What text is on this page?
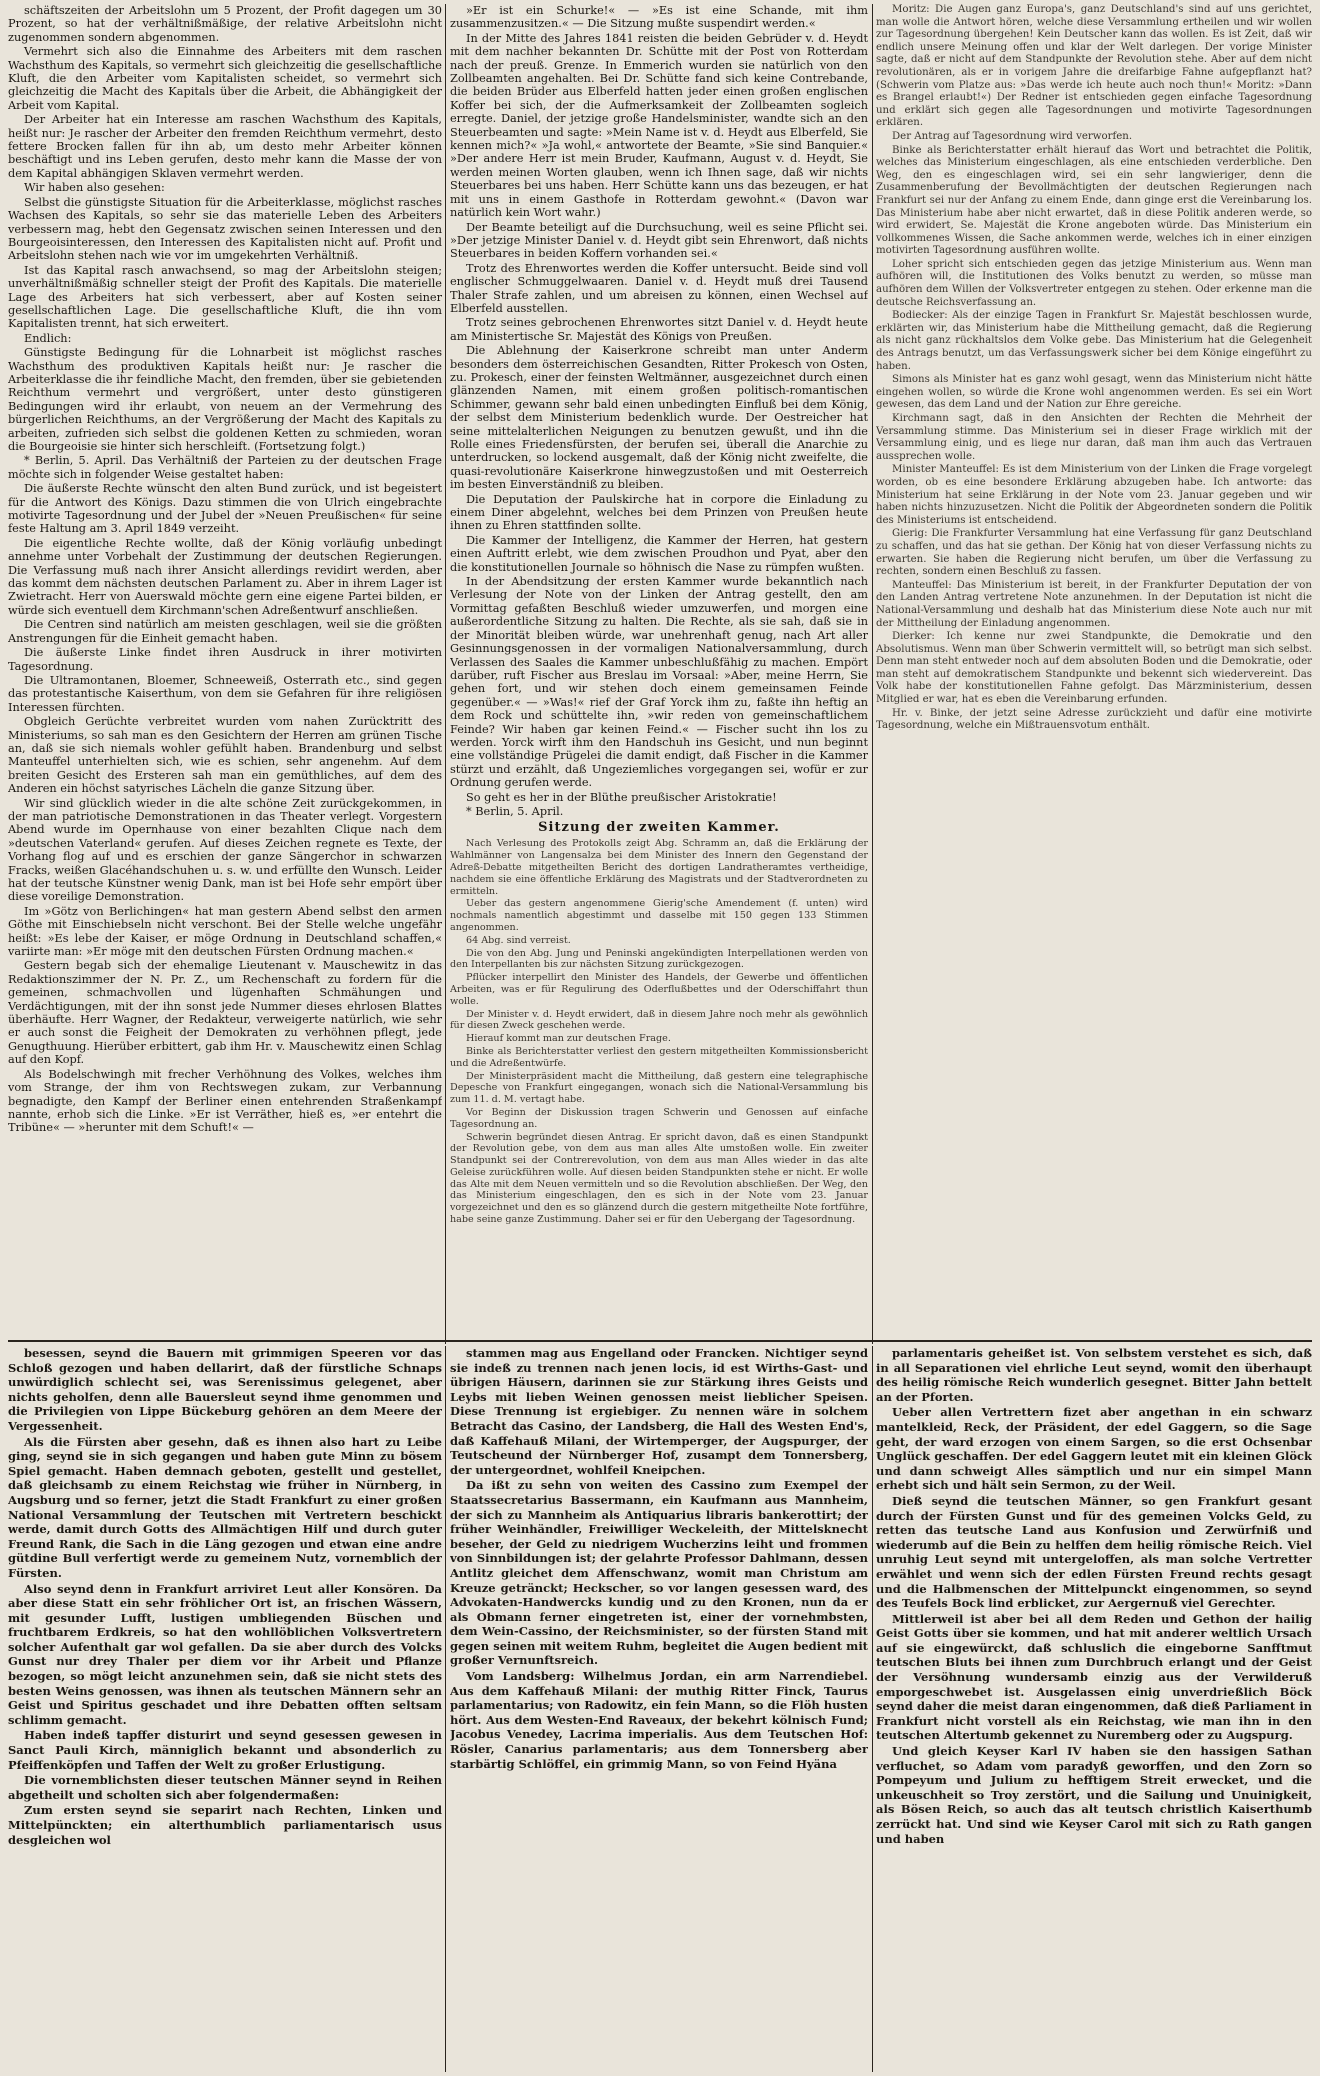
schäftszeiten der Arbeitslohn um 5 Prozent, der Profit dagegen um 30 Prozent, so hat der verhältnißmäßige, der relative Arbeitslohn nicht zugenommen sondern abgenommen.

Vermehrt sich also die Einnahme des Arbeiters mit dem raschen Wachsthum des Kapitals, so vermehrt sich gleichzeitig die gesellschaftliche Kluft, die den Arbeiter vom Kapitalisten scheidet, so vermehrt sich gleichzeitig die Macht des Kapitals über die Arbeit, die Abhängigkeit der Arbeit vom Kapital.

Der Arbeiter hat ein Interesse am raschen Wachsthum des Kapitals, heißt nur: Je rascher der Arbeiter den fremden Reichthum vermehrt, desto fettere Brocken fallen für ihn ab, um desto mehr Arbeiter können beschäftigt und ins Leben gerufen, desto mehr kann die Masse der von dem Kapital abhängigen Sklaven vermehrt werden.

Wir haben also gesehen:

Selbst die günstigste Situation für die Arbeiterklasse, möglichst rasches Wachsen des Kapitals, so sehr sie das materielle Leben des Arbeiters verbessern mag, hebt den Gegensatz zwischen seinen Interessen und den Bourgeoisinteressen, den Interessen des Kapitalisten nicht auf. Profit und Arbeitslohn stehen nach wie vor im umgekehrten Verhältniß.

Ist das Kapital rasch anwachsend, so mag der Arbeitslohn steigen; unverhältnißmäßig schneller steigt der Profit des Kapitals. Die materielle Lage des Arbeiters hat sich verbessert, aber auf Kosten seiner gesellschaftlichen Lage. Die gesellschaftliche Kluft, die ihn vom Kapitalisten trennt, hat sich erweitert.

Endlich:

Günstigste Bedingung für die Lohnarbeit ist möglichst rasches Wachsthum des produktiven Kapitals heißt nur: Je rascher die Arbeiterklasse die ihr feindliche Macht, den fremden, über sie gebietenden Reichthum vermehrt und vergrößert, unter desto günstigeren Bedingungen wird ihr erlaubt, von neuem an der Vermehrung des bürgerlichen Reichthums, an der Vergrößerung der Macht des Kapitals zu arbeiten, zufrieden sich selbst die goldenen Ketten zu schmieden, woran die Bourgeoisie sie hinter sich herschleift. (Fortsetzung folgt.)

* Berlin, 5. April. Das Verhältniß der Parteien zu der deutschen Frage möchte sich in folgender Weise gestaltet haben:

Die äußerste Rechte wünscht den alten Bund zurück, und ist begeistert für die Antwort des Königs. Dazu stimmen die von Ulrich eingebrachte motivirte Tagesordnung und der Jubel der »Neuen Preußischen« für seine feste Haltung am 3. April 1849 verzeiht.

Die eigentliche Rechte wollte, daß der König vorläufig unbedingt annehme unter Vorbehalt der Zustimmung der deutschen Regierungen. Die Verfassung muß nach ihrer Ansicht allerdings revidirt werden, aber das kommt dem nächsten deutschen Parlament zu. Aber in ihrem Lager ist Zwietracht. Herr von Auerswald möchte gern eine eigene Partei bilden, er würde sich eventuell dem Kirchmann'schen Adreßentwurf anschließen.

Die Centren sind natürlich am meisten geschlagen, weil sie die größten Anstrengungen für die Einheit gemacht haben.

Die äußerste Linke findet ihren Ausdruck in ihrer motivirten Tagesordnung.

Die Ultramontanen, Bloemer, Schneeweiß, Osterrath etc., sind gegen das protestantische Kaiserthum, von dem sie Gefahren für ihre religiösen Interessen fürchten.

Obgleich Gerüchte verbreitet wurden vom nahen Zurücktritt des Ministeriums, so sah man es den Gesichtern der Herren am grünen Tische an, daß sie sich niemals wohler gefühlt haben. Brandenburg und selbst Manteuffel unterhielten sich, wie es schien, sehr angenehm. Auf dem breiten Gesicht des Ersteren sah man ein gemüthliches, auf dem des Anderen ein höchst satyrisches Lächeln die ganze Sitzung über.

Wir sind glücklich wieder in die alte schöne Zeit zurückgekommen, in der man patriotische Demonstrationen in das Theater verlegt. Vorgestern Abend wurde im Opernhause von einer bezahlten Clique nach dem »deutschen Vaterland« gerufen. Auf dieses Zeichen regnete es Texte, der Vorhang flog auf und es erschien der ganze Sängerchor in schwarzen Fracks, weißen Glacéhandschuhen u. s. w. und erfüllte den Wunsch. Leider hat der teutsche Künstner wenig Dank, man ist bei Hofe sehr empört über diese voreilige Demonstration.

Im »Götz von Berlichingen« hat man gestern Abend selbst den armen Göthe mit Einschiebseln nicht verschont. Bei der Stelle welche ungefähr heißt: »Es lebe der Kaiser, er möge Ordnung in Deutschland schaffen,« variirte man: »Er möge mit den deutschen Fürsten Ordnung machen.«

Gestern begab sich der ehemalige Lieutenant v. Mauschewitz in das Redaktionszimmer der N. Pr. Z., um Rechenschaft zu fordern für die gemeinen, schmachvollen und lügenhaften Schmähungen und Verdächtigungen, mit der ihn sonst jede Nummer dieses ehrlosen Blattes überhäufte. Herr Wagner, der Redakteur, verweigerte natürlich, wie sehr er auch sonst die Feigheit der Demokraten zu verhöhnen pflegt, jede Genugthuung. Hierüber erbittert, gab ihm Hr. v. Mauschewitz einen Schlag auf den Kopf.

Als Bodelschwingh mit frecher Verhöhnung des Volkes, welches ihm vom Strange, der ihm von Rechtswegen zukam, zur Verbannung begnadigte, den Kampf der Berliner einen entehrenden Straßenkampf nannte, erhob sich die Linke. »Er ist Verräther, hieß es, »er entehrt die Tribüne« — »herunter mit dem Schuft!« —

»Er ist ein Schurke!« — »Es ist eine Schande, mit ihm zusammenzusitzen.« — Die Sitzung mußte suspendirt werden.«

In der Mitte des Jahres 1841 reisten die beiden Gebrüder v. d. Heydt mit dem nachher bekannten Dr. Schütte mit der Post von Rotterdam nach der preuß. Grenze. In Emmerich wurden sie natürlich von den Zollbeamten angehalten. Bei Dr. Schütte fand sich keine Contrebande, die beiden Brüder aus Elberfeld hatten jeder einen großen englischen Koffer bei sich, der die Aufmerksamkeit der Zollbeamten sogleich erregte. Daniel, der jetzige große Handelsminister, wandte sich an den Steuerbeamten und sagte: »Mein Name ist v. d. Heydt aus Elberfeld, Sie kennen mich?« »Ja wohl,« antwortete der Beamte, »Sie sind Banquier.« »Der andere Herr ist mein Bruder, Kaufmann, August v. d. Heydt, Sie werden meinen Worten glauben, wenn ich Ihnen sage, daß wir nichts Steuerbares bei uns haben. Herr Schütte kann uns das bezeugen, er hat mit uns in einem Gasthofe in Rotterdam gewohnt.« (Davon war natürlich kein Wort wahr.)

Der Beamte beteiligt auf die Durchsuchung, weil es seine Pflicht sei. »Der jetzige Minister Daniel v. d. Heydt gibt sein Ehrenwort, daß nichts Steuerbares in beiden Koffern vorhanden sei.«

Trotz des Ehrenwortes werden die Koffer untersucht. Beide sind voll englischer Schmuggelwaaren. Daniel v. d. Heydt muß drei Tausend Thaler Strafe zahlen, und um abreisen zu können, einen Wechsel auf Elberfeld ausstellen.

Trotz seines gebrochenen Ehrenwortes sitzt Daniel v. d. Heydt heute am Ministertische Sr. Majestät des Königs von Preußen.

Die Ablehnung der Kaiserkrone schreibt man unter Anderm besonders dem österreichischen Gesandten, Ritter Prokesch von Osten, zu. Prokesch, einer der feinsten Weltmänner, ausgezeichnet durch einen glänzenden Namen, mit einem großen politisch-romantischen Schimmer, gewann sehr bald einen unbedingten Einfluß bei dem König, der selbst dem Ministerium bedenklich wurde. Der Oestreicher hat seine mittelalterlichen Neigungen zu benutzen gewußt, und ihn die Rolle eines Friedensfürsten, der berufen sei, überall die Anarchie zu unterdrucken, so lockend ausgemalt, daß der König nicht zweifelte, die quasi-revolutionäre Kaiserkrone hinwegzustoßen und mit Oesterreich im besten Einverständniß zu bleiben.

Die Deputation der Paulskirche hat in corpore die Einladung zu einem Diner abgelehnt, welches bei dem Prinzen von Preußen heute ihnen zu Ehren stattfinden sollte.

Die Kammer der Intelligenz, die Kammer der Herren, hat gestern einen Auftritt erlebt, wie dem zwischen Proudhon und Pyat, aber den die konstitutionellen Journale so höhnisch die Nase zu rümpfen wußten.

In der Abendsitzung der ersten Kammer wurde bekanntlich nach Verlesung der Note von der Linken der Antrag gestellt, den am Vormittag gefaßten Beschluß wieder umzuwerfen, und morgen eine außerordentliche Sitzung zu halten. Die Rechte, als sie sah, daß sie in der Minorität bleiben würde, war unehrenhaft genug, nach Art aller Gesinnungsgenossen in der vormaligen Nationalversammlung, durch Verlassen des Saales die Kammer unbeschlußfähig zu machen. Empört darüber, ruft Fischer aus Breslau im Vorsaal: »Aber, meine Herrn, Sie gehen fort, und wir stehen doch einem gemeinsamen Feinde gegenüber.« — »Was!« rief der Graf Yorck ihm zu, faßte ihn heftig an dem Rock und schüttelte ihn, »wir reden von gemeinschaftlichem Feinde? Wir haben gar keinen Feind.« — Fischer sucht ihn los zu werden. Yorck wirft ihm den Handschuh ins Gesicht, und nun beginnt eine vollständige Prügelei die damit endigt, daß Fischer in die Kammer stürzt und erzählt, daß Ungeziemliches vorgegangen sei, wofür er zur Ordnung gerufen werde.

So geht es her in der Blüthe preußischer Aristokratie!

* Berlin, 5. April.

Sitzung der zweiten Kammer.

Nach Verlesung des Protokolls zeigt Abg. Schramm an, daß die Erklärung der Wahlmänner von Langensalza bei dem Minister des Innern den Gegenstand der Adreß-Debatte mitgetheilten Bericht des dortigen Landratheramtes vertheidige, nachdem sie eine öffentliche Erklärung des Magistrats und der Stadtverordneten zu ermitteln.

Ueber das gestern angenommene Gierig'sche Amendement (f. unten) wird nochmals namentlich abgestimmt und dasselbe mit 150 gegen 133 Stimmen angenommen.

64 Abg. sind verreist.

Die von den Abg. Jung und Peninski angekündigten Interpellationen werden von den Interpellanten bis zur nächsten Sitzung zurückgezogen.

Pflücker interpellirt den Minister des Handels, der Gewerbe und öffentlichen Arbeiten, was er für Regulirung des Oderflußbettes und der Oderschiffahrt thun wolle.

Der Minister v. d. Heydt erwidert, daß in diesem Jahre noch mehr als gewöhnlich für diesen Zweck geschehen werde.

Hierauf kommt man zur deutschen Frage.

Binke als Berichterstatter verliest den gestern mitgetheilten Kommissionsbericht und die Adreßentwürfe.

Der Ministerpräsident macht die Mittheilung, daß gestern eine telegraphische Depesche von Frankfurt eingegangen, wonach sich die National-Versammlung bis zum 11. d. M. vertagt habe.

Vor Beginn der Diskussion tragen Schwerin und Genossen auf einfache Tagesordnung an.

Schwerin begründet diesen Antrag. Er spricht davon, daß es einen Standpunkt der Revolution gebe, von dem aus man alles Alte umstoßen wolle. Ein zweiter Standpunkt sei der Contrerevolution, von dem aus man Alles wieder in das alte Geleise zurückführen wolle. Auf diesen beiden Standpunkten stehe er nicht. Er wolle das Alte mit dem Neuen vermitteln und so die Revolution abschließen. Der Weg, den das Ministerium eingeschlagen, den es sich in der Note vom 23. Januar vorgezeichnet und den es so glänzend durch die gestern mitgetheilte Note fortführe, habe seine ganze Zustimmung. Daher sei er für den Uebergang der Tagesordnung.

Moritz: Die Augen ganz Europa's, ganz Deutschland's sind auf uns gerichtet, man wolle die Antwort hören, welche diese Versammlung ertheilen und wir wollen zur Tagesordnung übergehen! Kein Deutscher kann das wollen. Es ist Zeit, daß wir endlich unsere Meinung offen und klar der Welt darlegen. Der vorige Minister sagte, daß er nicht auf dem Standpunkte der Revolution stehe. Aber auf dem nicht revolutionären, als er in vorigem Jahre die dreifarbige Fahne aufgepflanzt hat? (Schwerin vom Platze aus: »Das werde ich heute auch noch thun!« Moritz: »Dann es Brangel erlaubt!«) Der Redner ist entschieden gegen einfache Tagesordnung und erklärt sich gegen alle Tagesordnungen und motivirte Tagesordnungen erklären.

Der Antrag auf Tagesordnung wird verworfen.

Binke als Berichterstatter erhält hierauf das Wort und betrachtet die Politik, welches das Ministerium eingeschlagen, als eine entschieden verderbliche. Den Weg, den es eingeschlagen wird, sei ein sehr langwieriger, denn die Zusammenberufung der Bevollmächtigten der deutschen Regierungen nach Frankfurt sei nur der Anfang zu einem Ende, dann ginge erst die Vereinbarung los. Das Ministerium habe aber nicht erwartet, daß in diese Politik anderen werde, so wird erwidert, Se. Majestät die Krone angeboten würde. Das Ministerium ein vollkommenes Wissen, die Sache ankommen werde, welches ich in einer einzigen motivirten Tagesordnung ausführen wollte.

Loher spricht sich entschieden gegen das jetzige Ministerium aus. Wenn man aufhören will, die Institutionen des Volks benutzt zu werden, so müsse man aufhören dem Willen der Volksvertreter entgegen zu stehen. Oder erkenne man die deutsche Reichsverfassung an.

Bodiecker: Als der einzige Tagen in Frankfurt Sr. Majestät beschlossen wurde, erklärten wir, das Ministerium habe die Mittheilung gemacht, daß die Regierung als nicht ganz rückhaltslos dem Volke gebe. Das Ministerium hat die Gelegenheit des Antrags benutzt, um das Verfassungswerk sicher bei dem Könige eingeführt zu haben.

Simons als Minister hat es ganz wohl gesagt, wenn das Ministerium nicht hätte eingehen wollen, so würde die Krone wohl angenommen werden. Es sei ein Wort gewesen, das dem Land und der Nation zur Ehre gereiche.

Kirchmann sagt, daß in den Ansichten der Rechten die Mehrheit der Versammlung stimme. Das Ministerium sei in dieser Frage wirklich mit der Versammlung einig, und es liege nur daran, daß man ihm auch das Vertrauen aussprechen wolle.

Minister Manteuffel: Es ist dem Ministerium von der Linken die Frage vorgelegt worden, ob es eine besondere Erklärung abzugeben habe. Ich antworte: das Ministerium hat seine Erklärung in der Note vom 23. Januar gegeben und wir haben nichts hinzuzusetzen. Nicht die Politik der Abgeordneten sondern die Politik des Ministeriums ist entscheidend.

Gierig: Die Frankfurter Versammlung hat eine Verfassung für ganz Deutschland zu schaffen, und das hat sie gethan. Der König hat von dieser Verfassung nichts zu erwarten. Sie haben die Regierung nicht berufen, um über die Verfassung zu rechten, sondern einen Beschluß zu fassen.

Manteuffel: Das Ministerium ist bereit, in der Frankfurter Deputation der von den Landen Antrag vertretene Note anzunehmen. In der Deputation ist nicht die National-Versammlung und deshalb hat das Ministerium diese Note auch nur mit der Mittheilung der Einladung angenommen.

Dierker: Ich kenne nur zwei Standpunkte, die Demokratie und den Absolutismus. Wenn man über Schwerin vermittelt will, so betrügt man sich selbst. Denn man steht entweder noch auf dem absoluten Boden und die Demokratie, oder man steht auf demokratischem Standpunkte und bekennt sich wiedervereint. Das Volk habe der konstitutionellen Fahne gefolgt. Das Märzministerium, dessen Mitglied er war, hat es eben die Vereinbarung erfunden.

Hr. v. Binke, der jetzt seine Adresse zurückzieht und dafür eine motivirte Tagesordnung, welche ein Mißtrauensvotum enthält.

besessen, seynd die Bauern mit grimmigen Speeren vor das Schloß gezogen und haben dellarirt, daß der fürstliche Schnaps unwürdiglich schlecht sei, was Serenissimus gelegenet, aber nichts geholfen, denn alle Bauersleut seynd ihme genommen und die Privilegien von Lippe Bückeburg gehören an dem Meere der Vergessenheit.

Als die Fürsten aber gesehn, daß es ihnen also hart zu Leibe ging, seynd sie in sich gegangen und haben gute Minn zu bösem Spiel gemacht. Haben demnach geboten, gestellt und gestellet, daß gleichsamb zu einem Reichstag wie früher in Nürnberg, in Augsburg und so ferner, jetzt die Stadt Frankfurt zu einer großen National Versammlung der Teutschen mit Vertretern beschickt werde, damit durch Gotts des Allmächtigen Hilf und durch guter Freund Rank, die Sach in die Läng gezogen und etwan eine andre gütdine Bull verfertigt werde zu gemeinem Nutz, vornemblich der Fürsten.

Also seynd denn in Frankfurt arriviret Leut aller Konsören. Da aber diese Statt ein sehr fröhlicher Ort ist, an frischen Wässern, mit gesunder Lufft, lustigen umbliegenden Büschen und fruchtbarem Erdkreis, so hat den wohllöblichen Volksvertretern solcher Aufenthalt gar wol gefallen. Da sie aber durch des Volcks Gunst nur drey Thaler per diem vor ihr Arbeit und Pflanze bezogen, so mögt leicht anzunehmen sein, daß sie nicht stets des besten Weins genossen, was ihnen als teutschen Männern sehr an Geist und Spiritus geschadet und ihre Debatten offten seltsam schlimm gemacht.

Haben indeß tapffer disturirt und seynd gesessen gewesen in Sanct Pauli Kirch, männiglich bekannt und absonderlich zu Pfeiffenköpfen und Taffen der Welt zu großer Erlustigung.

Die vornemblichsten dieser teutschen Männer seynd in Reihen abgetheilt und scholten sich aber folgendermaßen:

Zum ersten seynd sie separirt nach Rechten, Linken und Mittelpünckten; ein alterthumblich parliamentarisch usus desgleichen wol

stammen mag aus Engelland oder Francken. Nichtiger seynd sie indeß zu trennen nach jenen locis, id est Wirths-Gast- und übrigen Häusern, darinnen sie zur Stärkung ihres Geists und Leybs mit lieben Weinen genossen meist lieblicher Speisen. Diese Trennung ist ergiebiger. Zu nennen wäre in solchem Betracht das Casino, der Landsberg, die Hall des Westen End's, daß Kaffehauß Milani, der Wirtemperger, der Augspurger, der Teutscheund der Nürnberger Hof, zusampt dem Tonnersberg, der untergeordnet, wohlfeil Kneipchen.

Da ißt zu sehn von weiten des Cassino zum Exempel der Staatssecretarius Bassermann, ein Kaufmann aus Mannheim, der sich zu Mannheim als Antiquarius libraris bankerottirt; der früher Weinhändler, Freiwilliger Weckeleith, der Mittelsknecht beseher, der Geld zu niedrigem Wucherzins leiht und frommen von Sinnbildungen ist; der gelahrte Professor Dahlmann, dessen Antlitz gleichet dem Affenschwanz, womit man Christum am Kreuze getränckt; Heckscher, so vor langen gesessen ward, des Advokaten-Handwercks kundig und zu den Kronen, nun da er als Obmann ferner eingetreten ist, einer der vornehmbsten, dem Wein-Cassino, der Reichsminister, so der fürsten Stand mit gegen seinen mit weitem Ruhm, begleitet die Augen bedient mit großer Vernunftsreich.

Vom Landsberg: Wilhelmus Jordan, ein arm Narrendiebel. Aus dem Kaffehauß Milani: der muthig Ritter Finck, Taurus parlamentarius; von Radowitz, ein fein Mann, so die Flöh husten hört. Aus dem Westen-End Raveaux, der bekehrt kölnisch Fund; Jacobus Venedey, Lacrima imperialis. Aus dem Teutschen Hof: Rösler, Canarius parlamentaris; aus dem Tonnersberg aber starbärtig Schlöffel, ein grimmig Mann, so von Feind Hyäna

parlamentaris geheißet ist. Von selbstem verstehet es sich, daß in all Separationen viel ehrliche Leut seynd, womit den überhaupt des heilig römische Reich wunderlich gesegnet. Bitter Jahn bettelt an der Pforten.

Ueber allen Vertrettern fizet aber angethan in ein schwarz mantelkleid, Reck, der Präsident, der edel Gaggern, so die Sage geht, der ward erzogen von einem Sargen, so die erst Ochsenbar Unglück geschaffen. Der edel Gaggern leutet mit ein kleinen Glöck und dann schweigt Alles sämptlich und nur ein simpel Mann erhebt sich und hält sein Sermon, zu der Weil.

Dieß seynd die teutschen Männer, so gen Frankfurt gesant durch der Fürsten Gunst und für des gemeinen Volcks Geld, zu retten das teutsche Land aus Konfusion und Zerwürfniß und wiederumb auf die Bein zu helffen dem heilig römische Reich. Viel unruhig Leut seynd mit untergeloffen, als man solche Vertretter erwählet und wenn sich der edlen Fürsten Freund rechts gesagt und die Halbmenschen der Mittelpunckt eingenommen, so seynd des Teufels Bock lind erblicket, zur Aergernuß viel Gerechter.

Mittlerweil ist aber bei all dem Reden und Gethon der hailig Geist Gotts über sie kommen, und hat mit anderer weltlich Ursach auf sie eingewürckt, daß schluslich die eingeborne Sanfftmut teutschen Bluts bei ihnen zum Durchbruch erlangt und der Geist der Versöhnung wundersamb einzig aus der Verwilderuß emporgeschwebet ist. Ausgelassen einig unverdrießlich Böck seynd daher die meist daran eingenommen, daß dieß Parliament in Frankfurt nicht vorstell als ein Reichstag, wie man ihn in den teutschen Altertumb gekennet zu Nuremberg oder zu Augspurg.

Und gleich Keyser Karl IV haben sie den hassigen Sathan verfluchet, so Adam vom paradyß geworffen, und den Zorn so Pompeyum und Julium zu hefftigem Streit erwecket, und die unkeuschheit so Troy zerstört, und die Sailung und Unuinigkeit, als Bösen Reich, so auch das alt teutsch christlich Kaiserthumb zerrückt hat. Und sind wie Keyser Carol mit sich zu Rath gangen und haben
